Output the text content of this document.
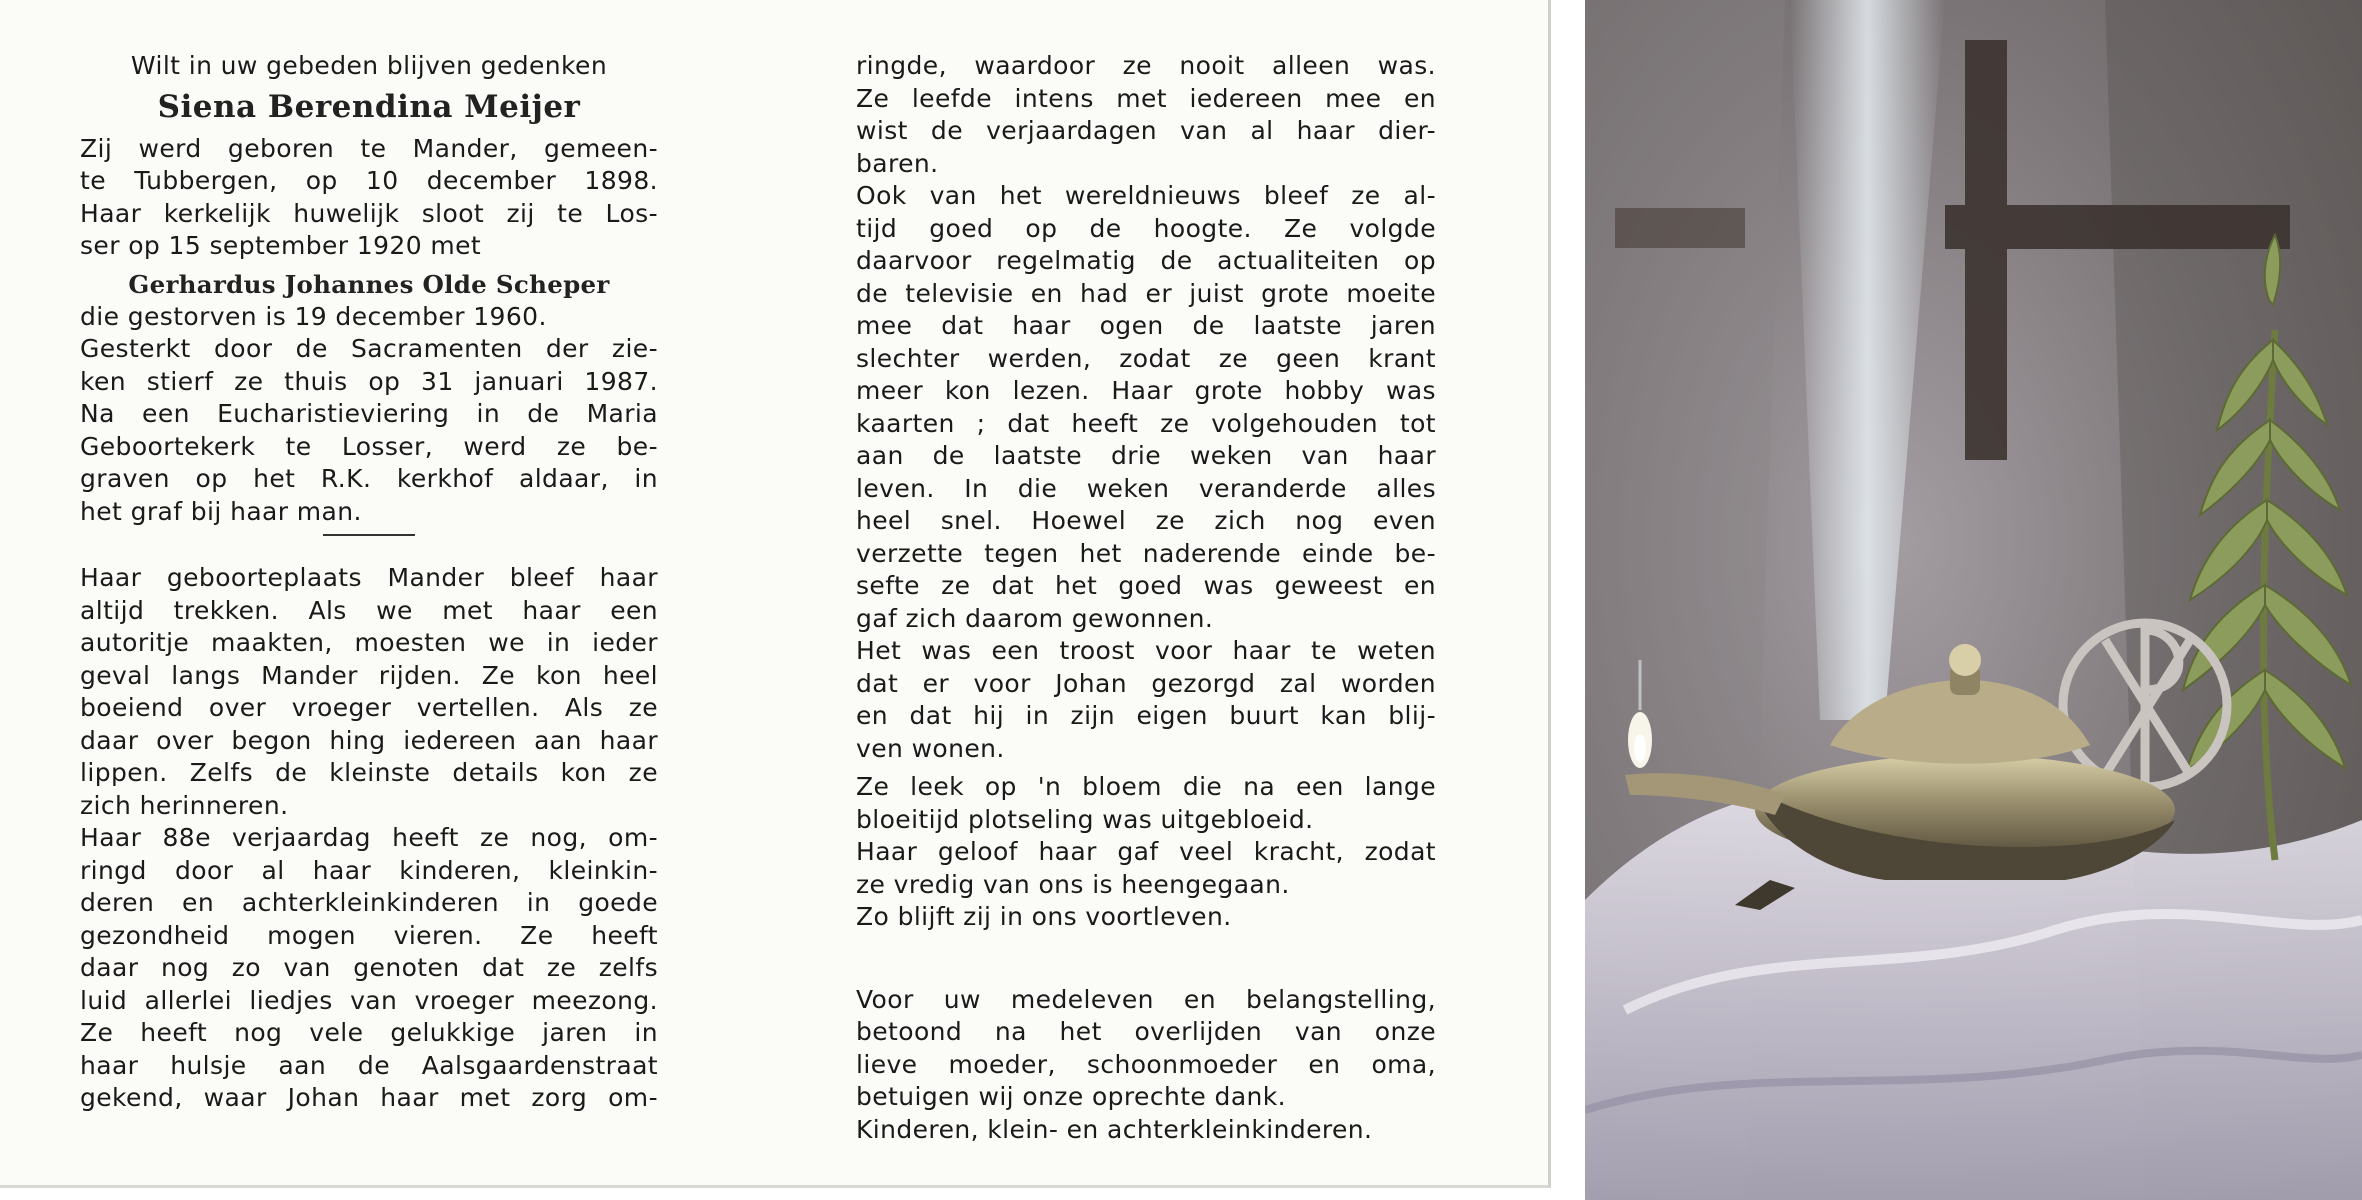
Wilt in uw gebeden blijven gedenken
Siena Berendina Meijer
Zij werd geboren te Mander, gemeen-
te Tubbergen, op 10 december 1898.
Haar kerkelijk huwelijk sloot zij te Los-
ser op 15 september 1920 met
Gerhardus Johannes Olde Scheper
die gestorven is 19 december 1960.
Gesterkt door de Sacramenten der zie-
ken stierf ze thuis op 31 januari 1987.
Na een Eucharistieviering in de Maria
Geboortekerk te Losser, werd ze be-
graven op het R.K. kerkhof aldaar, in
het graf bij haar man.
Haar geboorteplaats Mander bleef haar
altijd trekken. Als we met haar een
autoritje maakten, moesten we in ieder
geval langs Mander rijden. Ze kon heel
boeiend over vroeger vertellen. Als ze
daar over begon hing iedereen aan haar
lippen. Zelfs de kleinste details kon ze
zich herinneren.
Haar 88e verjaardag heeft ze nog, om-
ringd door al haar kinderen, kleinkin-
deren en achterkleinkinderen in goede
gezondheid mogen vieren. Ze heeft
daar nog zo van genoten dat ze zelfs
luid allerlei liedjes van vroeger meezong.
Ze heeft nog vele gelukkige jaren in
haar hulsje aan de Aalsgaardenstraat
gekend, waar Johan haar met zorg om-
ringde, waardoor ze nooit alleen was.
Ze leefde intens met iedereen mee en
wist de verjaardagen van al haar dier-
baren.
Ook van het wereldnieuws bleef ze al-
tijd goed op de hoogte. Ze volgde
daarvoor regelmatig de actualiteiten op
de televisie en had er juist grote moeite
mee dat haar ogen de laatste jaren
slechter werden, zodat ze geen krant
meer kon lezen. Haar grote hobby was
kaarten ; dat heeft ze volgehouden tot
aan de laatste drie weken van haar
leven. In die weken veranderde alles
heel snel. Hoewel ze zich nog even
verzette tegen het naderende einde be-
sefte ze dat het goed was geweest en
gaf zich daarom gewonnen.
Het was een troost voor haar te weten
dat er voor Johan gezorgd zal worden
en dat hij in zijn eigen buurt kan blij-
ven wonen.
Ze leek op 'n bloem die na een lange
bloeitijd plotseling was uitgebloeid.
Haar geloof haar gaf veel kracht, zodat
ze vredig van ons is heengegaan.
Zo blijft zij in ons voortleven.
Voor uw medeleven en belangstelling,
betoond na het overlijden van onze
lieve moeder, schoonmoeder en oma,
betuigen wij onze oprechte dank.
Kinderen, klein- en achterkleinkinderen.
